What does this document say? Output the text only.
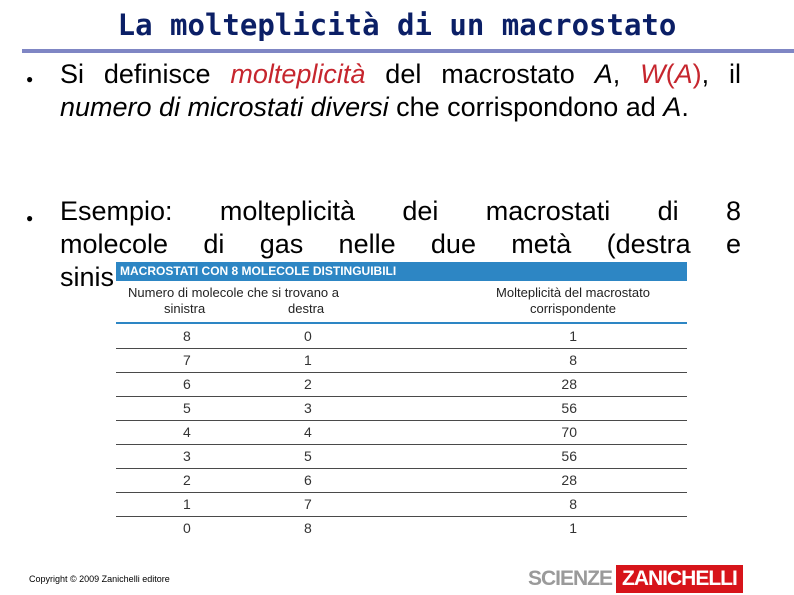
La molteplicità di un macrostato
● Si definisce molteplicità del macrostato A, W(A), il numero di microstati diversi che corrispondono ad A.
● Esempio: molteplicità dei macrostati di 8
molecole di gas nelle due metà (destra e
sinis MACROSTATI CON 8 MOLECOLE DISTINGUIBILI
Numero di molecole che si trovano a
sinistra	destra
Molteplicità del macrostato
corrispondente
8	0	1
7	1	8
6	2	28
5	3	56
4	4	70
3	5	56
2	6	28
1	7	8
0	8	1
Copyright © 2009 Zanichelli editore	SCIENZE ZANICHELLI
